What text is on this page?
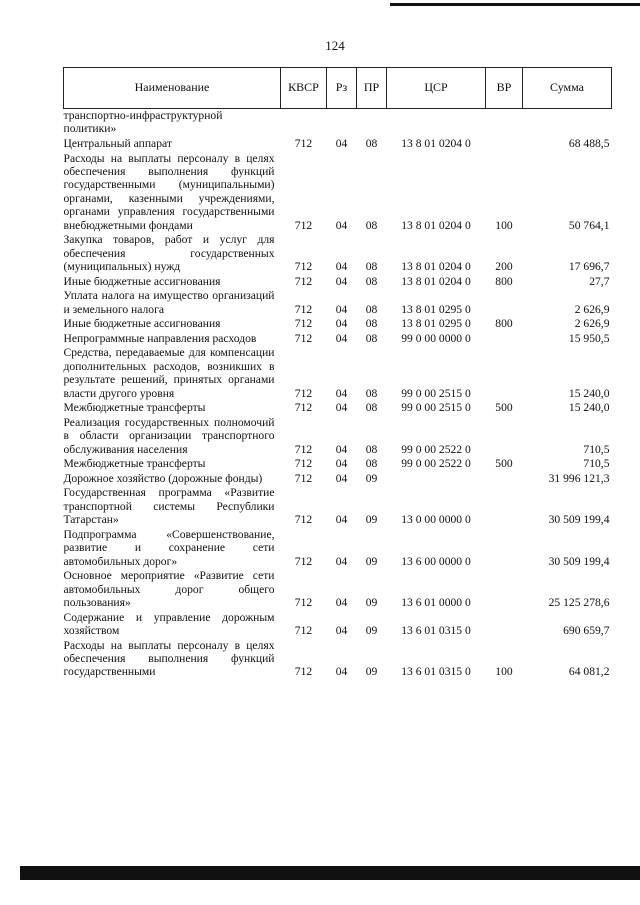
124
Наименование	КВСР	Рз	ПР	ЦСР	ВР	Сумма
транспортно-инфраструктурной политики»						
Центральный аппарат	712	04	08	13 8 01 0204 0		68 488,5
Расходы на выплаты персоналу в целях обеспечения выполнения функций государственными (муниципальными) органами, казенными учреждениями, органами управления государственными внебюджетными фондами	712	04	08	13 8 01 0204 0	100	50 764,1
Закупка товаров, работ и услуг для обеспечения государственных (муниципальных) нужд	712	04	08	13 8 01 0204 0	200	17 696,7
Иные бюджетные ассигнования	712	04	08	13 8 01 0204 0	800	27,7
Уплата налога на имущество организаций и земельного налога	712	04	08	13 8 01 0295 0		2 626,9
Иные бюджетные ассигнования	712	04	08	13 8 01 0295 0	800	2 626,9
Непрограммные направления расходов	712	04	08	99 0 00 0000 0		15 950,5
Средства, передаваемые для компенсации дополнительных расходов, возникших в результате решений, принятых органами власти другого уровня	712	04	08	99 0 00 2515 0		15 240,0
Межбюджетные трансферты	712	04	08	99 0 00 2515 0	500	15 240,0
Реализация государственных полномочий в области организации транспортного обслуживания населения	712	04	08	99 0 00 2522 0		710,5
Межбюджетные трансферты	712	04	08	99 0 00 2522 0	500	710,5
Дорожное хозяйство (дорожные фонды)	712	04	09			31 996 121,3
Государственная программа «Развитие транспортной системы Республики Татарстан»	712	04	09	13 0 00 0000 0		30 509 199,4
Подпрограмма «Совершенствование, развитие и сохранение сети автомобильных дорог»	712	04	09	13 6 00 0000 0		30 509 199,4
Основное мероприятие «Развитие сети автомобильных дорог общего пользования»	712	04	09	13 6 01 0000 0		25 125 278,6
Содержание и управление дорожным хозяйством	712	04	09	13 6 01 0315 0		690 659,7
Расходы на выплаты персоналу в целях обеспечения выполнения функций государственными	712	04	09	13 6 01 0315 0	100	64 081,2
